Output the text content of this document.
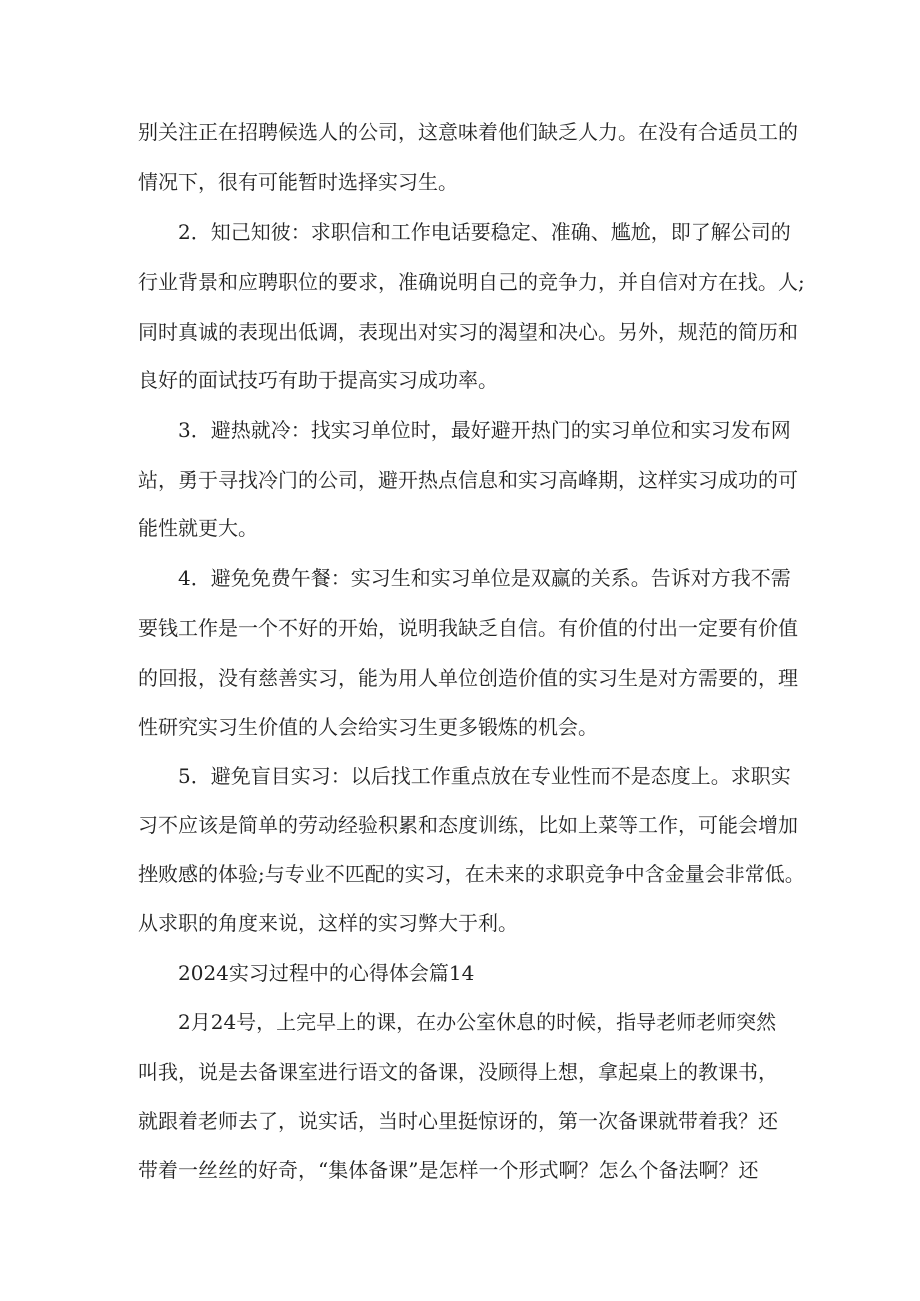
别关注正在招聘候选人的公司，这意味着他们缺乏人力。在没有合适员工的
情况下，很有可能暂时选择实习生。
2．知己知彼：求职信和工作电话要稳定、准确、尴尬，即了解公司的
行业背景和应聘职位的要求，准确说明自己的竞争力，并自信对方在找。人;
同时真诚的表现出低调，表现出对实习的渴望和决心。另外，规范的简历和
良好的面试技巧有助于提高实习成功率。
3．避热就冷：找实习单位时，最好避开热门的实习单位和实习发布网
站，勇于寻找冷门的公司，避开热点信息和实习高峰期，这样实习成功的可
能性就更大。
4．避免免费午餐：实习生和实习单位是双赢的关系。告诉对方我不需
要钱工作是一个不好的开始，说明我缺乏自信。有价值的付出一定要有价值
的回报，没有慈善实习，能为用人单位创造价值的实习生是对方需要的，理
性研究实习生价值的人会给实习生更多锻炼的机会。
5．避免盲目实习：以后找工作重点放在专业性而不是态度上。求职实
习不应该是简单的劳动经验积累和态度训练，比如上菜等工作，可能会增加
挫败感的体验;与专业不匹配的实习，在未来的求职竞争中含金量会非常低。
从求职的角度来说，这样的实习弊大于利。
2024实习过程中的心得体会篇14
2月24号，上完早上的课，在办公室休息的时候，指导老师老师突然
叫我，说是去备课室进行语文的备课，没顾得上想，拿起桌上的教课书，
就跟着老师去了，说实话，当时心里挺惊讶的，第一次备课就带着我？还
带着一丝丝的好奇，“集体备课”是怎样一个形式啊？怎么个备法啊？还
